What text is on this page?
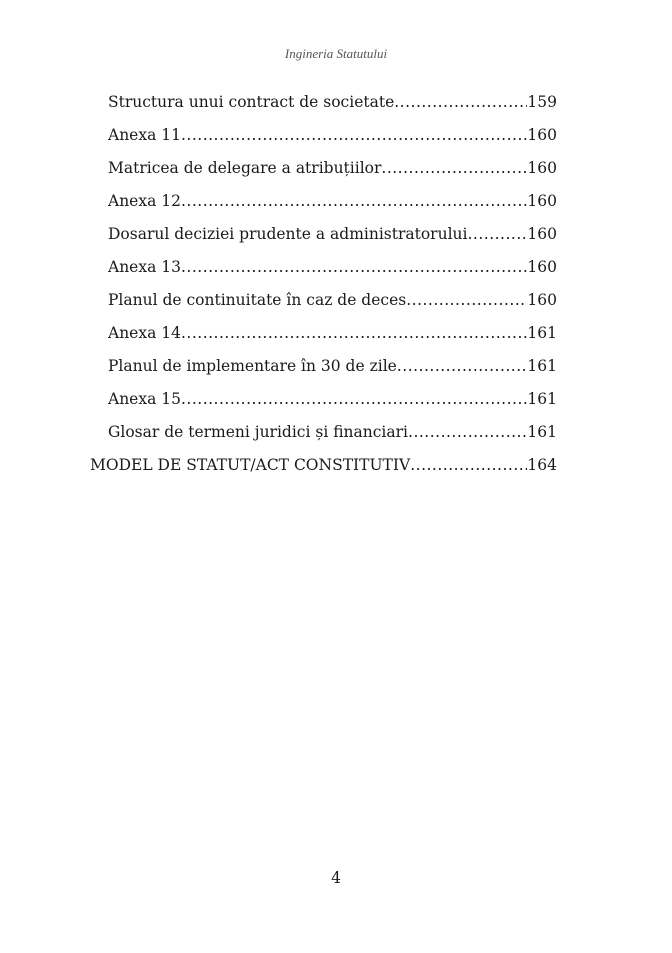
Ingineria Statutului
Structura unui contract de societate .....	159
Anexa 11 .....	160
Matricea de delegare a atribuțiilor .....	160
Anexa 12 .....	160
Dosarul deciziei prudente a administratorului .....	160
Anexa 13 .....	160
Planul de continuitate în caz de deces .....	160
Anexa 14 .....	161
Planul de implementare în 30 de zile .....	161
Anexa 15 .....	161
Glosar de termeni juridici și financiari .....	161
MODEL DE STATUT/ACT CONSTITUTIV .....	164
4
